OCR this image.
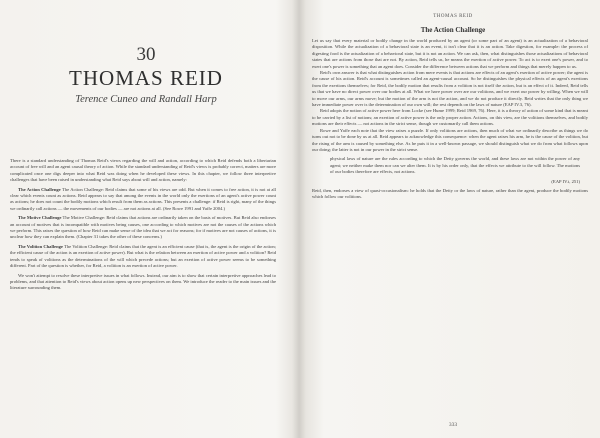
30
THOMAS REID
Terence Cuneo and Randall Harp

There is a standard understanding of Thomas Reid's views regarding the will and action, according to which Reid defends both a libertarian account of free will and an agent causal theory of action. While the standard understanding of Reid's views is probably correct, matters are more complicated once one digs deeper into what Reid was doing when he developed these views. In this chapter, we follow three interpretive challenges that have been raised in understanding what Reid says about will and action, namely:

The Action Challenge The Action Challenge: Reid claims that some of his views are odd. But when it comes to free action, it is not at all clear which events count as actions. Reid appears to say that among the events in the world only the exertions of an agent's active power count as actions; he does not count the bodily motions which result from them as actions. This presents a challenge: if Reid is right, many of the things we ordinarily call actions — the movements of our bodies — are not actions at all. (See Rowe 1991 and Yaffe 2004.)

The Motive Challenge The Motive Challenge: Reid claims that actions are ordinarily taken on the basis of motives. But Reid also endorses an account of motives that is incompatible with motives being causes, one according to which motives are not the causes of the actions which we perform. This raises the question of how Reid can make sense of the idea that we act for reasons; for if motives are not causes of actions, it is unclear how they can explain them. (Chapter 31 takes the other of these concerns.)

The Volition Challenge The Volition Challenge: Reid claims that the agent is an efficient cause (that is, the agent is the origin of the action; the efficient cause of the action is an exertion of active power). But what is the relation between an exertion of active power and a volition? Reid tends to speak of volitions as the determinations of the will which precede actions; but an exertion of active power seems to be something different. Part of the question is whether, for Reid, a volition is an exertion of active power.

We won't attempt to resolve these interpretive issues in what follows. Instead, our aim is to show that certain interpretive approaches lead to problems, and that attention to Reid's views about action opens up new perspectives on them. We introduce the reader to the main issues and the literature surrounding them.

THOMAS REID
The Action Challenge

Let us say that every material or bodily change in the world produced by an agent (or some part of an agent) is an actualization of a behavioral disposition. While the actualization of a behavioral state is an event, it isn't clear that it is an action. Take digestion, for example: the process of digesting food is the actualization of a behavioral state, but it is not an action. We can ask, then, what distinguishes those actualizations of behavioral states that are actions from those that are not. By action, Reid tells us, he means the exertion of active power. To act is to exert one's power, and to exert one's power is something that an agent does. Consider the difference between actions that we perform and things that merely happen to us.

Reid's own answer is that what distinguishes action from mere events is that actions are effects of an agent's exertion of active power; the agent is the cause of his action. Reid's account is sometimes called an agent-causal account. So he distinguishes the physical effects of an agent's exertions from the exertions themselves; for Reid, the bodily motion that results from a volition is not itself the action, but is an effect of it. Indeed, Reid tells us that we have no direct power over our bodies at all. What we have power over are our volitions, and we exert our power by willing. When we will to move our arms, our arms move; but the motion of the arm is not the action, and we do not produce it directly. Reid writes that the only thing we have immediate power over is the determination of our own will; the rest depends on the laws of nature (EAP IV.3, 76).

Reid adopts the notion of active power here from Locke (see Hume 1999; Reid 1969, 76). Here, it is a theory of action of some kind that is meant to be carried by a list of notions; an exertion of active power is the only proper action. Actions, on this view, are the volitions themselves, and bodily motions are their effects — not actions in the strict sense, though we customarily call them actions.

Rowe and Yaffe each note that the view raises a puzzle. If only volitions are actions, then much of what we ordinarily describe as things we do turns out not to be done by us at all. Reid appears to acknowledge this consequence: when the agent raises his arm, he is the cause of the volition, but the rising of the arm is caused by something else. As he puts it in a well-known passage, we should distinguish what we do from what follows upon our doing; the latter is not in our power in the strict sense.

physical laws of nature are the rules according to which the Deity governs the world, and these laws are not within the power of any agent; we neither make them nor can we alter them. It is by his order only, that the effects we attribute to the will follow. The motions of our bodies therefore are effects, not actions.
(EAP IV.i, 251)

Reid, then, endorses a view of quasi-occasionalism: he holds that the Deity or the laws of nature, rather than the agent, produce the bodily motions which follow our volitions.

333
